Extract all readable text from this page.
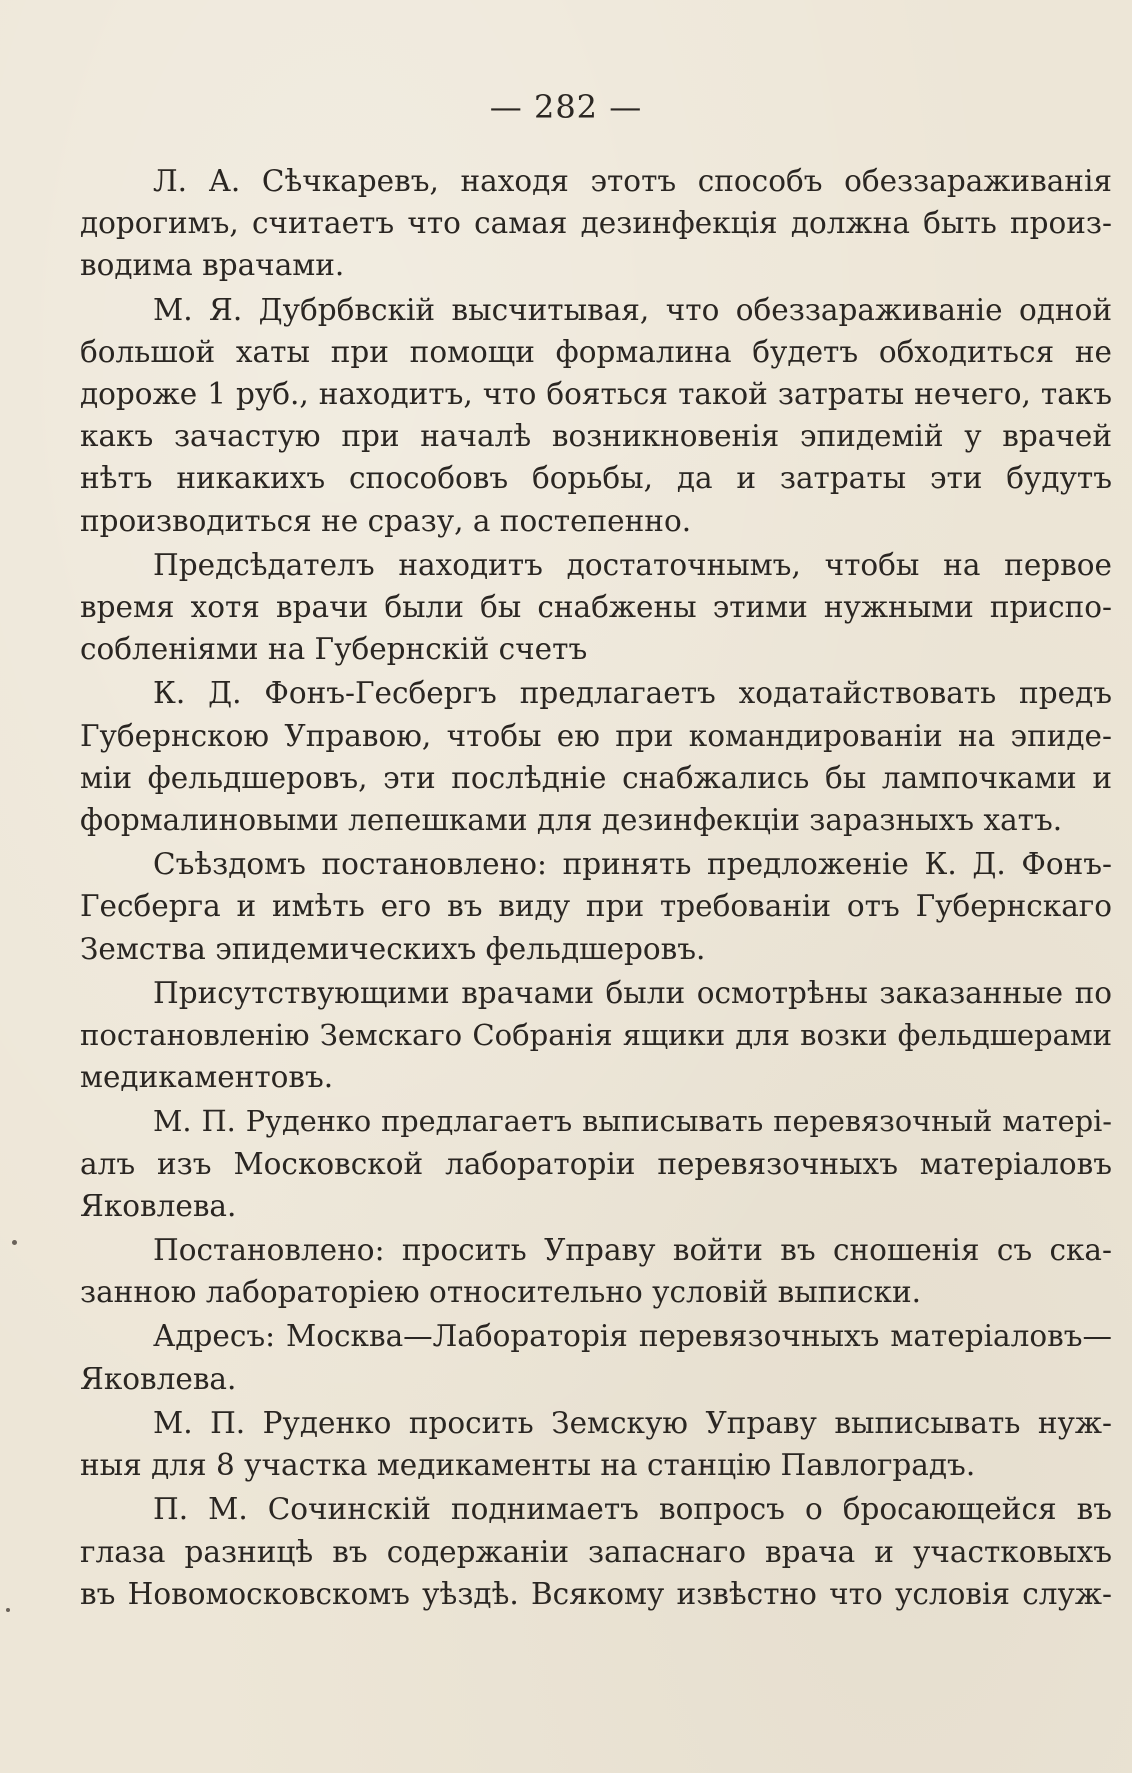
— 282 —

Л. А. Сѣчкаревъ, находя этотъ способъ обеззараживанія
дорогимъ, считаетъ что самая дезинфекція должна быть произ-
водима врачами.

М. Я. Дубрбвскій высчитывая, что обеззараживаніе одной
большой хаты при помощи формалина будетъ обходиться не
дороже 1 руб., находитъ, что бояться такой затраты нечего, такъ
какъ зачастую при началѣ возникновенія эпидемій у врачей
нѣтъ никакихъ способовъ борьбы, да и затраты эти будутъ
производиться не сразу, а постепенно.

Предсѣдателъ находитъ достаточнымъ, чтобы на первое
время хотя врачи были бы снабжены этими нужными приспо-
собленіями на Губернскій счетъ

К. Д. Фонъ-Гесбергъ предлагаетъ ходатайствовать предъ
Губернскою Управою, чтобы ею при командированіи на эпиде-
міи фельдшеровъ, эти послѣдніе снабжались бы лампочками и
формалиновыми лепешками для дезинфекціи заразныхъ хатъ.

Съѣздомъ постановлено: принять предложеніе К. Д. Фонъ-
Гесберга и имѣть его въ виду при требованіи отъ Губернскаго
Земства эпидемическихъ фельдшеровъ.

Присутствующими врачами были осмотрѣны заказанные по
постановленію Земскаго Собранія ящики для возки фельдшерами
медикаментовъ.

М. П. Руденко предлагаетъ выписывать перевязочный матері-
алъ изъ Московской лабораторіи перевязочныхъ матеріаловъ
Яковлева.

Постановлено: просить Управу войти въ сношенія съ ска-
занною лабораторіею относительно условій выписки.

Адресъ: Москва—Лабораторія перевязочныхъ матеріаловъ—
Яковлева.

М. П. Руденко просить Земскую Управу выписывать нуж-
ныя для 8 участка медикаменты на станцію Павлоградъ.

П. М. Сочинскій поднимаетъ вопросъ о бросающейся въ
глаза разницѣ въ содержаніи запаснаго врача и участковыхъ
въ Новомосковскомъ уѣздѣ. Всякому извѣстно что условія служ-
